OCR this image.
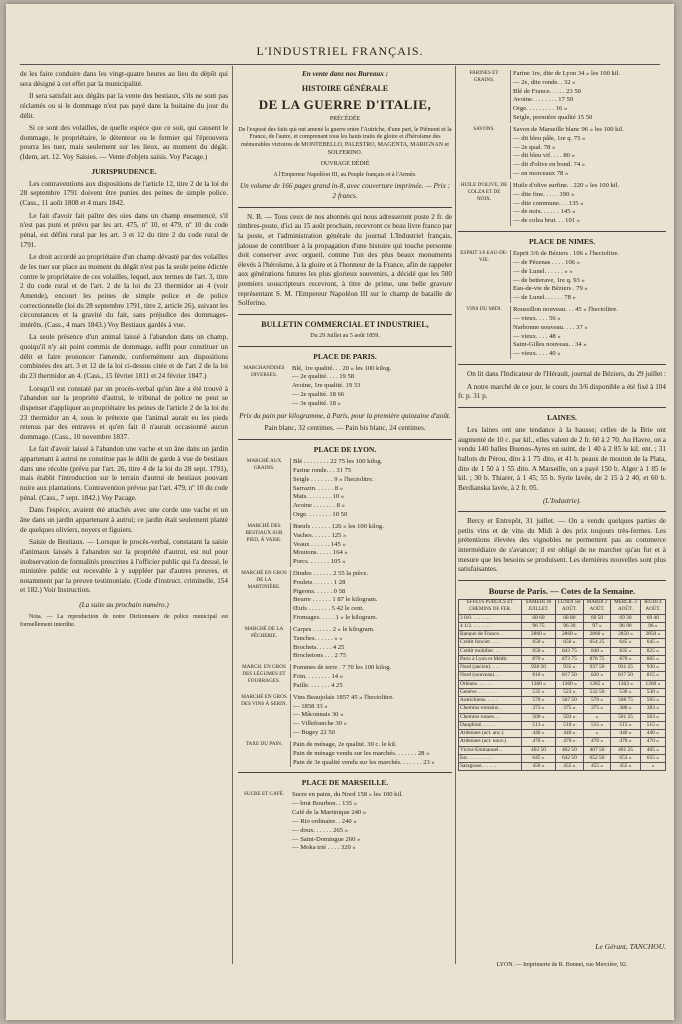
L'INDUSTRIEL FRANÇAIS.

de les faire conduire dans les vingt-quatre heures au lieu du dépôt qui sera désigné à cet effet par la municipalité.

Il sera satisfait aux dégâts par la vente des bestiaux, s'ils ne sont pas réclamés ou si le dommage n'est pas payé dans la huitaine du jour du délit.

Si ce sont des volailles, de quelle espèce que ce soit, qui causent le dommage, le propriétaire, le détenteur ou le fermier qui l'éprouvera pourra les tuer, mais seulement sur les lieux, au moment du dégât. (Idem, art. 12. Voy Saisies. — Vente d'objets saisis. Voy Pacage.)

JURISPRUDENCE.

Les contraventions aux dispositions de l'article 12, titre 2 de la loi du 28 septembre 1791 doivent être punies des peines de simple police. (Cass., 11 août 1808 et 4 mars 1842.

Le fait d'avoir fait paître des oies dans un champ ensemencé, s'il n'est pas puni et prévu par les art. 475, nº 10, et 479, nº 10 du code pénal, est défini rural par les art. 3 et 12 du titre 2 du code rural de 1791.

Le droit accordé au propriétaire d'un champ dévasté par des volailles de les tuer sur place au moment du dégât n'est pas la seule peine édictée contre le propriétaire de ces volailles, lequel, aux termes de l'art. 3, titre 2 du code rural et de l'art. 2 de la loi du 23 thermidor an 4 (voir Amende), encourt les peines de simple police et de police correctionnelle (loi du 28 septembre 1791, titre 2, article 26), suivant les circonstances et la gravité du fait, sans préjudice des dommages-intérêts. (Cass., 4 mars 1843.) Voy Bestiaux gardés à vue.

La seule présence d'un animal laissé à l'abandon dans un champ, quoiqu'il n'y ait point commis de dommage, suffit pour constituer un délit et faire prononcer l'amende, conformément aux dispositions combinées des art. 3 et 12 de la loi ci-dessus citée et de l'art 2 de la loi du 23 thermidor an 4. (Cass., 15 février 1811 et 24 février 1847.)

Lorsqu'il est constaté par un procès-verbal qu'un âne a été trouvé à l'abandon sur la propriété d'autrui, le tribunal de police ne peut se dispenser d'appliquer au propriétaire les peines de l'article 2 de la loi du 23 thermidor an 4, sous le prétexte que l'animal aurait eu les pieds retenus par des entraves et qu'en fait il n'aurait occasionné aucun dommage. (Cass., 10 novembre 1837.

Le fait d'avoir laissé à l'abandon une vache et un âne dans un jardin appartenant à autrui ne constitue pas le délit de garde à vue de bestiaux dans une récolte (prévu par l'art. 26, titre 4 de la loi du 28 sept. 1791), mais établit l'introduction sur le terrain d'autrui de bestiaux pouvant nuire aux plantations. Contravention prévue par l'art. 479, nº 10 du code pénal. (Cass., 7 sept. 1842.) Voy Pacage.

Dans l'espèce, avaient été attachés avec une corde une vache et un âne dans un jardin appartenant à autrui; ce jardin était seulement planté de quelques oliviers, noyers et figuiers.

Saisie de Bestiaux. — Lorsque le procès-verbal, constatant la saisie d'animaux laissés à l'abandon sur la propriété d'autrui, est nul pour inobservation de formalités prescrites à l'officier public qui l'a dressé, le ministère public est recevable à y suppléer par d'autres preuves, et notamment par la preuve testimoniale. (Code d'instruct. criminelle, 154 et 182.) Voir Instruction.

(La suite au prochain numéro.)

Nota. — La reproduction de notre Dictionnaire de police municipal est formellement interdite.

En vente dans nos Bureaux :

HISTOIRE GÉNÉRALE

DE LA GUERRE D'ITALIE,

PRÉCÉDÉE

De l'exposé des faits qui ont amené la guerre entre l'Autriche, d'une part, le Piémont et la France, de l'autre, et comprenant tous les hauts traits de gloire et d'héroïsme des mémorables victoires de MONTEBELLO, PALESTRO, MAGENTA, MARIGNAN et SOLFERINO.

OUVRAGE DÉDIÉ

A l'Empereur Napoléon III, au Peuple français et à l'Armée.

Un volume de 166 pages grand in-8, avec couverture imprimée. — Prix : 2 francs.

N. B. — Tous ceux de nos abonnés qui nous adresseront poste 2 fr. de timbres-poste, d'ici au 15 août prochain, recevront ce beau livre franco par la poste, et l'administration générale du journal L'Industriel français, jalouse de contribuer à la propagation d'une histoire qui touche personne doit conserver avec orgueil, comme l'un des plus beaux monuments élevés à l'héroïsme, à la gloire et à l'honneur de la France, afin de rappeler aux générations futures les plus glorieux souvenirs, a décidé que les 500 premiers souscripteurs recevront, à titre de prime, une belle gravure représentant S. M. l'Empereur Napoléon III sur le champ de bataille de Solferino.

BULLETIN COMMERCIAL ET INDUSTRIEL,

Du 29 Juillet au 5 août 1859.

PLACE DE PARIS.

MARCHANDISES DIVERSES.	
Blé, 1re qualité. . . 20 » les 100 kilog.
— 2e qualité. . . . 19 58
Avoine, 1re qualité. 19 33
— 2e qualité. 18 66
— 3e qualité. 18 »

Prix du pain par kilogramme, à Paris, pour la première quinzaine d'août.

Pain blanc, 32 centimes. — Pain bis blanc, 24 centimes.

PLACE DE LYON.

MARCHÉ AUX GRAINS.	
Blé . . . . . . . . 22 75 les 100 kilog.
Farine ronde. . . 31 75
Seigle . . . . . . . 9 » l'hectolitre.
Sarrazin. . . . . . 8 »
Maïs. . . . . . . . 10 »
Avoine . . . . . . . 8 »
Orge. . . . . . . . 10 50
MARCHÉ DES BESTIAUX SUR PIED, À VAISE.	
Bœufs . . . . . . 126 » les 100 kilog.
Vaches. . . . . . 125 »
Veaux . . . . . . 145 »
Moutons. . . . . 164 »
Porcs. . . . . . . 105 »
MARCHÉ EN GROS DE LA MARTINIÈRE.	
Dindes . . . . . . 2 55 la pièce.
Poulets . . . . . . 1 28
Pigeons. . . . . . 0 58
Beurre . . . . . . 1 87 le kilogram.
Œufs . . . . . . . 5 42 le cent.
Fromages. . . . . 1 » le kilogram.
MARCHÉ DE LA PÊCHERIE.	
Carpes . . . . . . 2 » le kilogram.
Tanches. . . . . . » »
Brochets. . . . . 4 25
Brochetons . . . 2 75
MARCH. EN GROS DES LÉGUMES ET FOURRAGES.	
Pommes de terre . 7 70 les 100 kilog.
Foin. . . . . . . . 14 »
Paille. . . . . . . 4 25
MARCHÉ EN GROS DES VINS À SERIN.	
Vins Beaujolais 1857 45 » l'hectolitre.
— 1858 33 »
— Mâconnais 30 »
— Villefranche 30 »
— Bugey 22 50
TAXE DU PAIN.	Pain de ménage, 2e qualité. 30 c. le kil.
Pain de ménage vendu sur les marchés. . . . . . . 28 »
Pain de 3e qualité vendu sur les marchés. . . . . . . 23 »

PLACE DE MARSEILLE.

SUCRE ET CAFÉ.	Sucre en pains, du Nord 158 » les 100 kil.
— brut Bourbon. . 135 »
Café de la Martinique 240 »
— Rio ordinaire. . 240 »
— doux. . . . . . 265 »
— Saint-Domingue 260 »
— Moka trié . . . . 320 »
FARINES ET GRAINS.	
Farine 1re, dite de Lyon 34 » les 100 kil.
— 2e, dite ronde. . 32 »
Blé de France. . . . . 23 50
Avoine. . . . . . . . 17 50
Orge. . . . . . . . . 16 »
Seigle, première qualité 15 50
SAVONS.	Savon de Marseille blanc 96 » les 100 kil.
— dit bleu pâle, 1re q. 75 »
— 2e qual. 78 »
— dit bleu vif. . . . 80 »
— dit d'olive en bond. 74 »
— en morceaux 78 »
HUILE D'OLIVE, DE COLZA ET DE NOIX.	
Huile d'olive surfine. . 220 » les 100 kil.
— dite fine. . . . . 190 »
— dite commune. . . 135 »
— de noix. . . . . . 145 »
— de colza brut. . . 101 »

PLACE DE NIMES.

ESPRIT 3/6 EAU-DE-VIE.	
Esprit 3/6 de Béziers . 106 » l'hectolitre.
— de Pézenas . . . . 106 »
— de Lunel. . . . . . » »
— de betterave, 1re q. 93 »
Eau-de-vie de Béziers . 79 »
— de Lunel. . . . . . 78 »
VINS DU MIDI.	Roussillon nouveau. . . 45 » l'hectolitre.
— vieux. . . . 56 »
Narbonne nouveau. . . . 37 »
— vieux. . . . 48 »
Saint-Gilles nouveau. . 34 »
— vieux. . . . 40 »

On lit dans l'Indicateur de l'Hérault, journal de Béziers, du 29 juillet :

A notre marché de ce jour, le cours du 3/6 disponible a été fixé à 104 fr. p. 31 p.

LAINES.

Les laines ont une tendance à la hausse; celles de la Brie ont augmenté de 10 c. par kil., elles valent de 2 fr. 60 à 2 70. Au Havre, on a vendu 140 balles Buenos-Ayres en suint, de 1 40 à 2 85 le kil. ent. ; 31 ballots du Pérou, dito à 1 75 dito, et 41 b. peaux de mouton de la Plata, dito de 1 50 à 1 55 dito. A Marseille, on a payé 150 b. Alger à 1 85 le kil. ; 30 b. Thiarer, à 1 45; 55 b. Syrie lavée, de 2 15 à 2 40, et 60 b. Berdianska lavée, à 2 fr. 05.

(L'Industrie).

Bercy et Entrepôt, 31 juillet. — On a vendu quelques parties de petits vins et de vins du Midi à des prix toujours très-fermes. Les prétentions élevées des vignobles ne permettent pas au commerce intermédiaire de s'avancer; il est obligé de ne marcher qu'au fur et à mesure que les besoins se produisent. Les dernières nouvelles sont plus satisfaisantes.

Bourse de Paris. — Cotes de la Semaine.

EFFETS PUBLICS ET CHEMINS DE FER.	SAMEDI 30 JUILLET.	LUNDI 1er AOÛT.	MARDI 2 AOÛT.	MERCR. 3 AOÛT.	JEUDI 4 AOÛT.
3 0/0. . . . . . . .	68 60	68 80	69 50	69 30	69 40
4 1/2. . . . . . . .	96 75	96 30	97 »	96 90	96 »
Banque de France. .	2860 »	2860 »	2860 »	2850 »	2850 »
Crédit foncier. . . .	650 »	650 »	654 25	645 »	645 »
Crédit mobilier. . .	850 »	843 75	840 »	835 »	825 »
Paris à Lyon et Médit.	870 »	873 75	878 75	870 »	865 »
Nord (ancien). . . .	928 50	935 »	937 50	931 25	930 »
Nord (nouveau). . .	810 »	817 50	820 »	817 50	815 »
Orléans. . . . . . .	1360 »	1360 »	1365 »	1363 »	1360 »
Genève. . . . . . . .	535 »	523 »	532 50	530 »	530 »
Autrichiens. . . . .	570 »	567 50	570 »	568 75	565 »
Chemins romains. .	373 »	375 »	375 »	380 »	383 »
Chemins russes. . .	500 »	503 »	»	501 25	503 »
Dauphiné. . . . . .	513 »	510 »	515 »	515 »	515 »
Ardennes (act. anc.)	440 »	440 »	»	440 »	440 »
Ardennes (act. nouv.)	470 »	470 »	470 »	470 »	470 »
Victor-Emmanuel. .	402 50	402 50	407 50	401 25	405 »
Est. . . . . . . . . .	645 »	642 50	652 50	653 »	655 »
Saragosse. . . . . .	450 »	455 »	455 »	455 »	»
Le Gérant, TANCHOU.
LYON. — Imprimerie de R. Bonnet, rue Mercière, 92.
